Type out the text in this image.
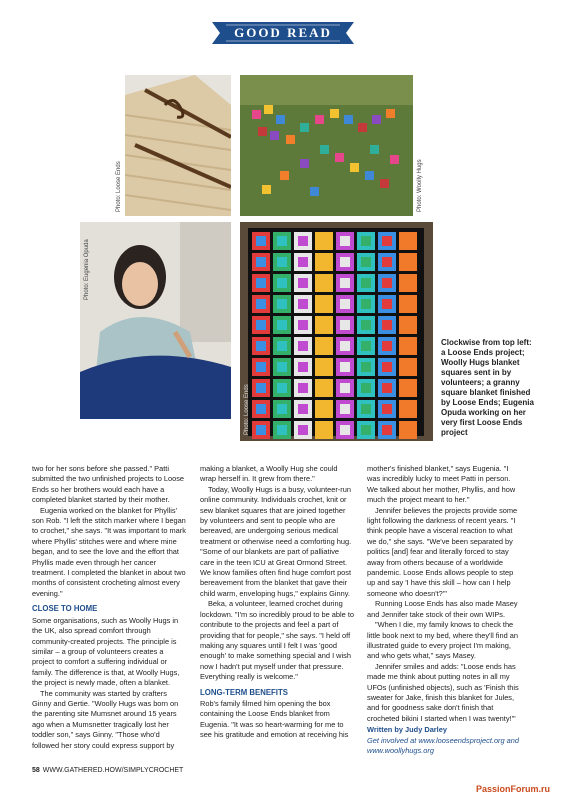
GOOD READ
Photo: Loose Ends	Photo: Woolly Hugs
Photo: Eugenia Opuda
Photo: Loose Ends
Clockwise from top left: a Loose Ends project; Woolly Hugs blanket squares sent in by volunteers; a granny square blanket finished by Loose Ends; Eugenia Opuda working on her very first Loose Ends project

two for her sons before she passed." Patti submitted the two unfinished projects to Loose Ends so her brothers would each have a completed blanket started by their mother.

Eugenia worked on the blanket for Phyllis' son Rob. "I left the stitch marker where I began to crochet," she says. "It was important to mark where Phyllis' stitches were and where mine began, and to see the love and the effort that Phyllis made even through her cancer treatment. I completed the blanket in about two months of consistent crocheting almost every evening."

CLOSE TO HOME

Some organisations, such as Woolly Hugs in the UK, also spread comfort through community-created projects. The principle is similar – a group of volunteers creates a project to comfort a suffering individual or family. The difference is that, at Woolly Hugs, the project is newly made, often a blanket.

The community was started by crafters Ginny and Gertie. "Woolly Hugs was born on the parenting site Mumsnet around 15 years ago when a Mumsnetter tragically lost her toddler son," says Ginny. "Those who'd followed her story could express support by

making a blanket, a Woolly Hug she could wrap herself in. It grew from there."

Today, Woolly Hugs is a busy, volunteer-run online community. Individuals crochet, knit or sew blanket squares that are joined together by volunteers and sent to people who are bereaved, are undergoing serious medical treatment or otherwise need a comforting hug. "Some of our blankets are part of palliative care in the teen ICU at Great Ormond Street. We know families often find huge comfort post bereavement from the blanket that gave their child warm, enveloping hugs," explains Ginny.

Beka, a volunteer, learned crochet during lockdown. "I'm so incredibly proud to be able to contribute to the projects and feel a part of providing that for people," she says. "I held off making any squares until I felt I was 'good enough' to make something special and I wish now I hadn't put myself under that pressure. Everything really is welcome."

LONG-TERM BENEFITS

Rob's family filmed him opening the box containing the Loose Ends blanket from Eugenia. "It was so heart-warming for me to see his gratitude and emotion at receiving his

mother's finished blanket," says Eugenia. "I was incredibly lucky to meet Patti in person. We talked about her mother, Phyllis, and how much the project meant to her."

Jennifer believes the projects provide some light following the darkness of recent years. "I think people have a visceral reaction to what we do," she says. "We've been separated by politics [and] fear and literally forced to stay away from others because of a worldwide pandemic. Loose Ends allows people to step up and say 'I have this skill – how can I help someone who doesn't?'"

Running Loose Ends has also made Masey and Jennifer take stock of their own WIPs.

"When I die, my family knows to check the little book next to my bed, where they'll find an illustrated guide to every project I'm making, and who gets what," says Masey.

Jennifer smiles and adds: "Loose ends has made me think about putting notes in all my UFOs (unfinished objects), such as 'Finish this sweater for Jake, finish this blanket for Jules, and for goodness sake don't finish that crocheted bikini I started when I was twenty!'"

Written by Judy Darley
Get involved at www.looseendsproject.org and www.woollyhugs.org
58 WWW.GATHERED.HOW/SIMPLYCROCHET
PassionForum.ru
